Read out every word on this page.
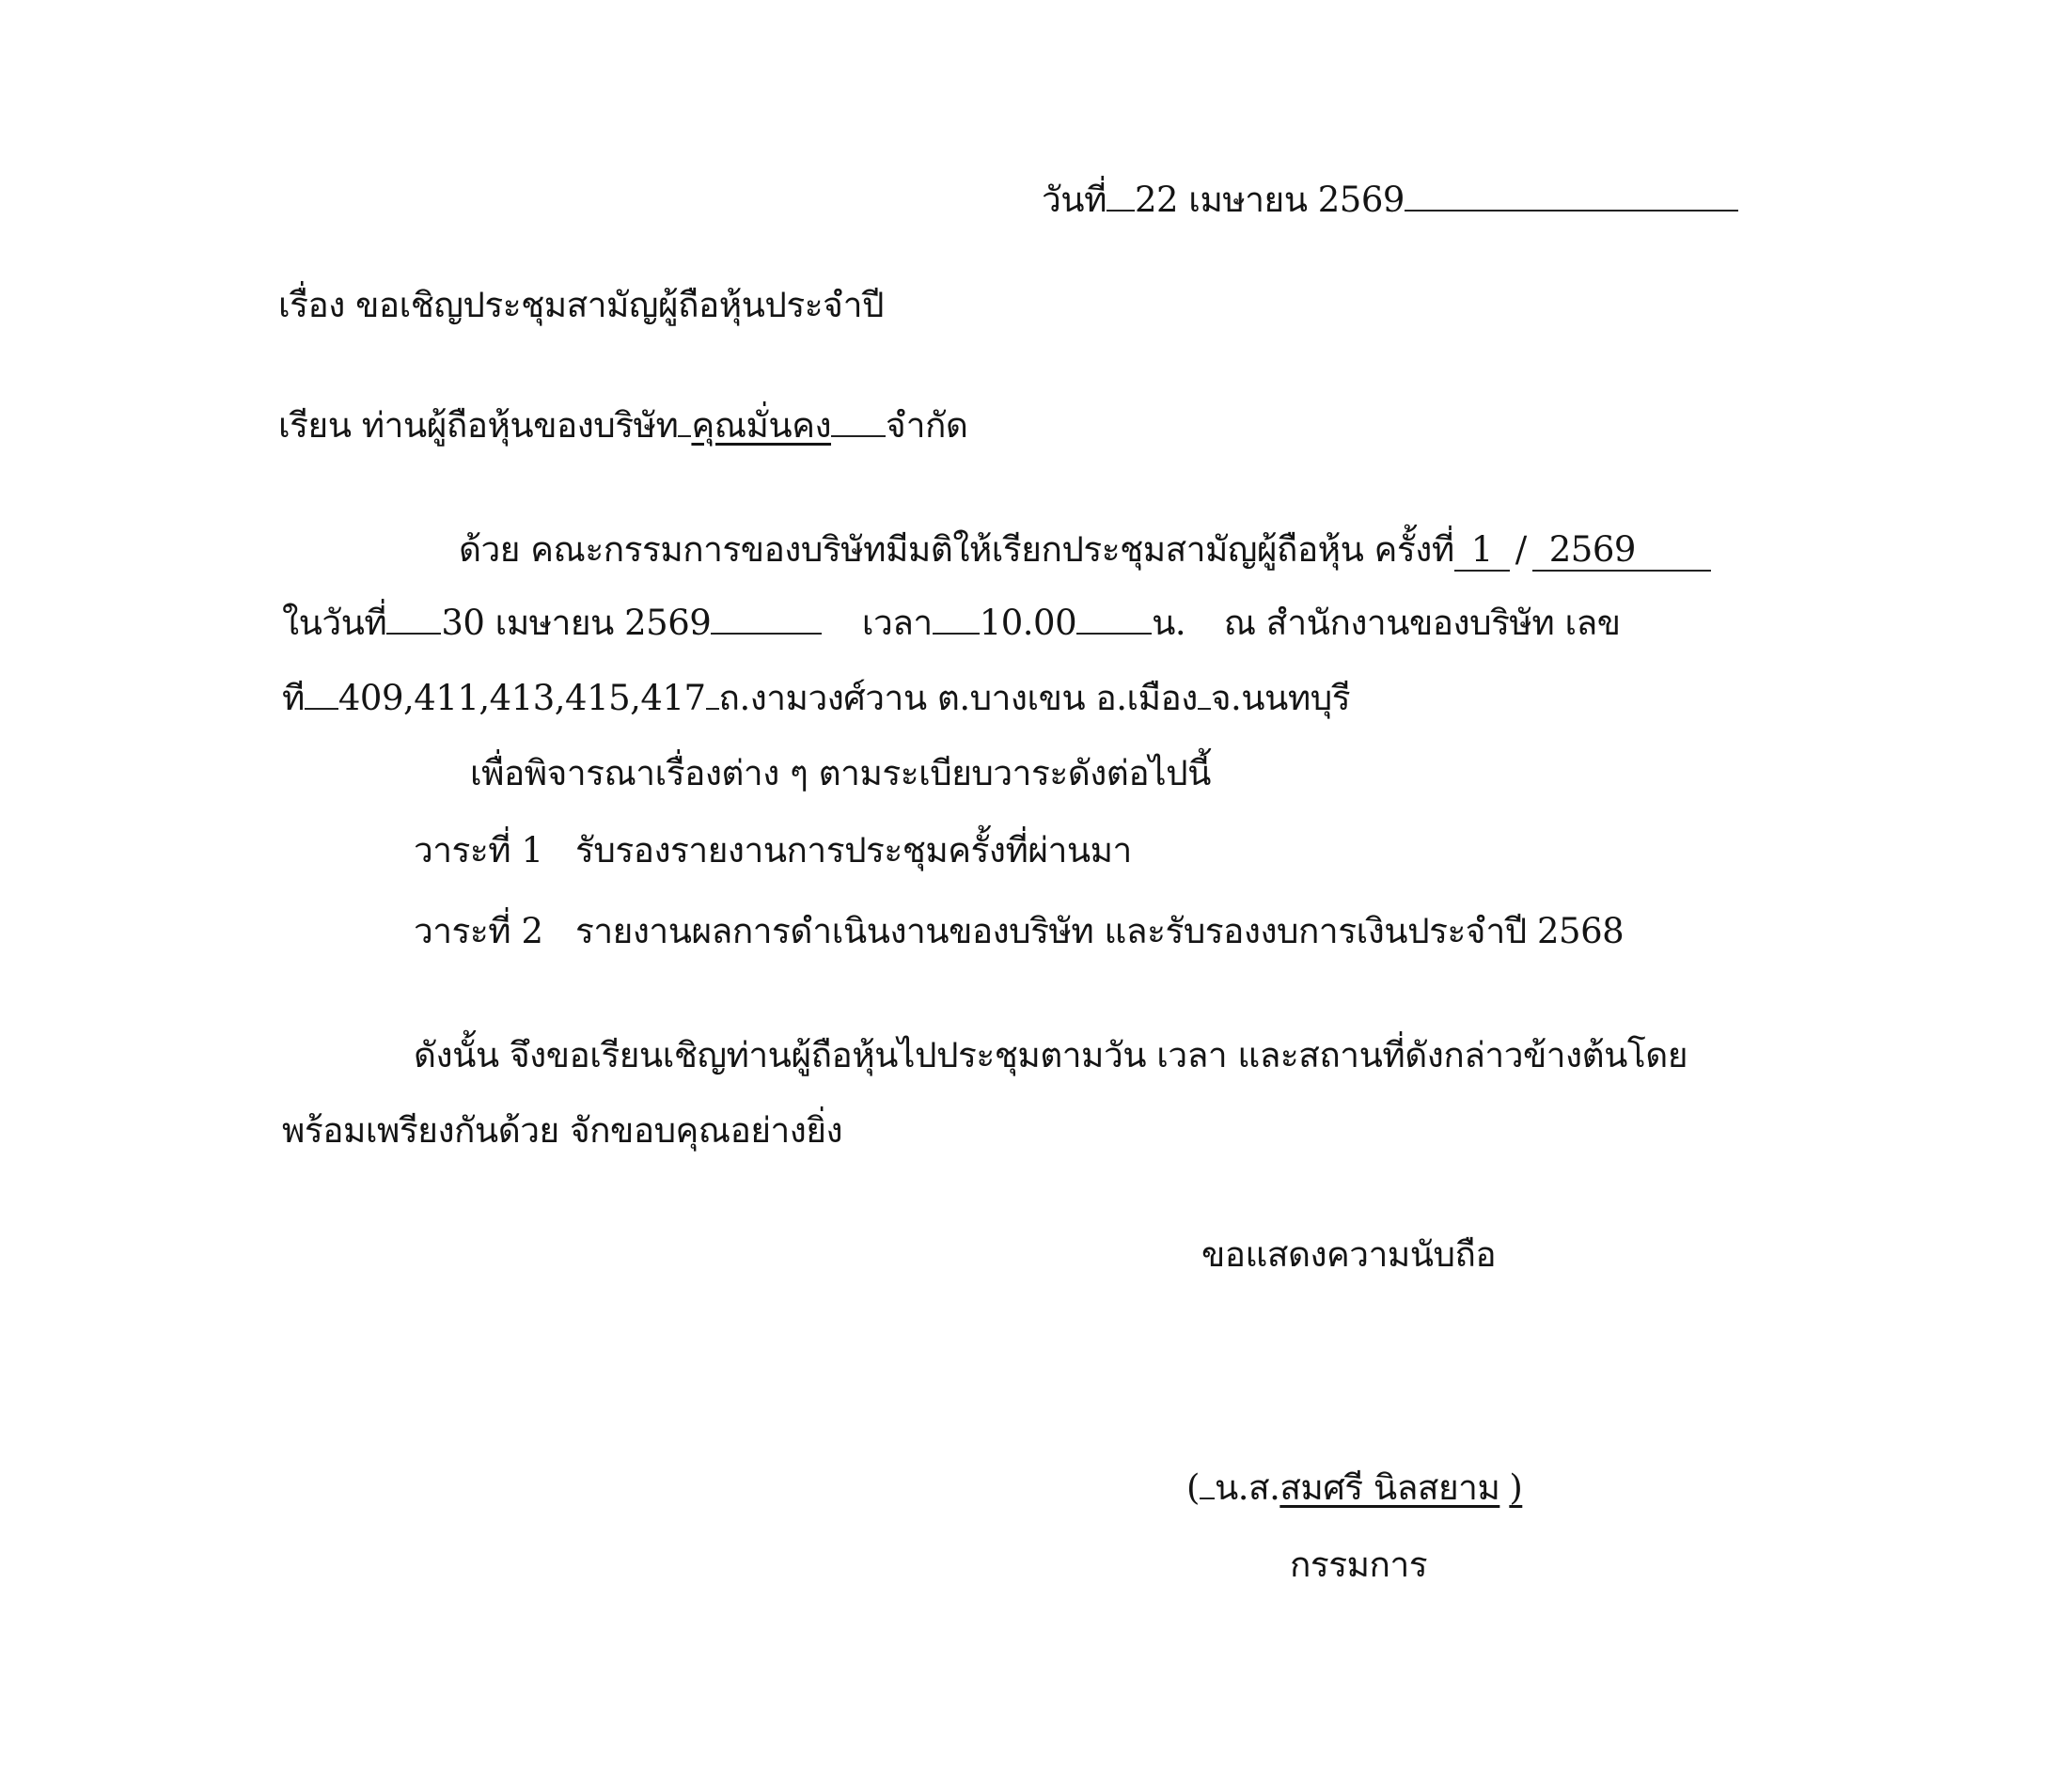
วันที่ 22 เมษายน 2569
เรื่อง ขอเชิญประชุมสามัญผู้ถือหุ้นประจำปี
เรียน ท่านผู้ถือหุ้นของบริษัท คุณมั่นคง จำกัด
ด้วย คณะกรรมการของบริษัทมีมติให้เรียกประชุมสามัญผู้ถือหุ้น ครั้งที่ 1 / 2569
ในวันที่ 30 เมษายน 2569	เวลา 10.00 น. ณ สำนักงานของบริษัท เลข
ที 409,411,413,415,417 ถ.งามวงศ์วาน ต.บางเขน อ.เมือง จ.นนทบุรี
เพื่อพิจารณาเรื่องต่าง ๆ ตามระเบียบวาระดังต่อไปนี้
วาระที่ 1 รับรองรายงานการประชุมครั้งที่ผ่านมา
วาระที่ 2 รายงานผลการดำเนินงานของบริษัท และรับรองงบการเงินประจำปี 2568
ดังนั้น จึงขอเรียนเชิญท่านผู้ถือหุ้นไปประชุมตามวัน เวลา และสถานที่ดังกล่าวข้างต้นโดย
พร้อมเพรียงกันด้วย จักขอบคุณอย่างยิ่ง
ขอแสดงความนับถือ
( น.ส.สมศรี นิลสยาม )
กรรมการ
